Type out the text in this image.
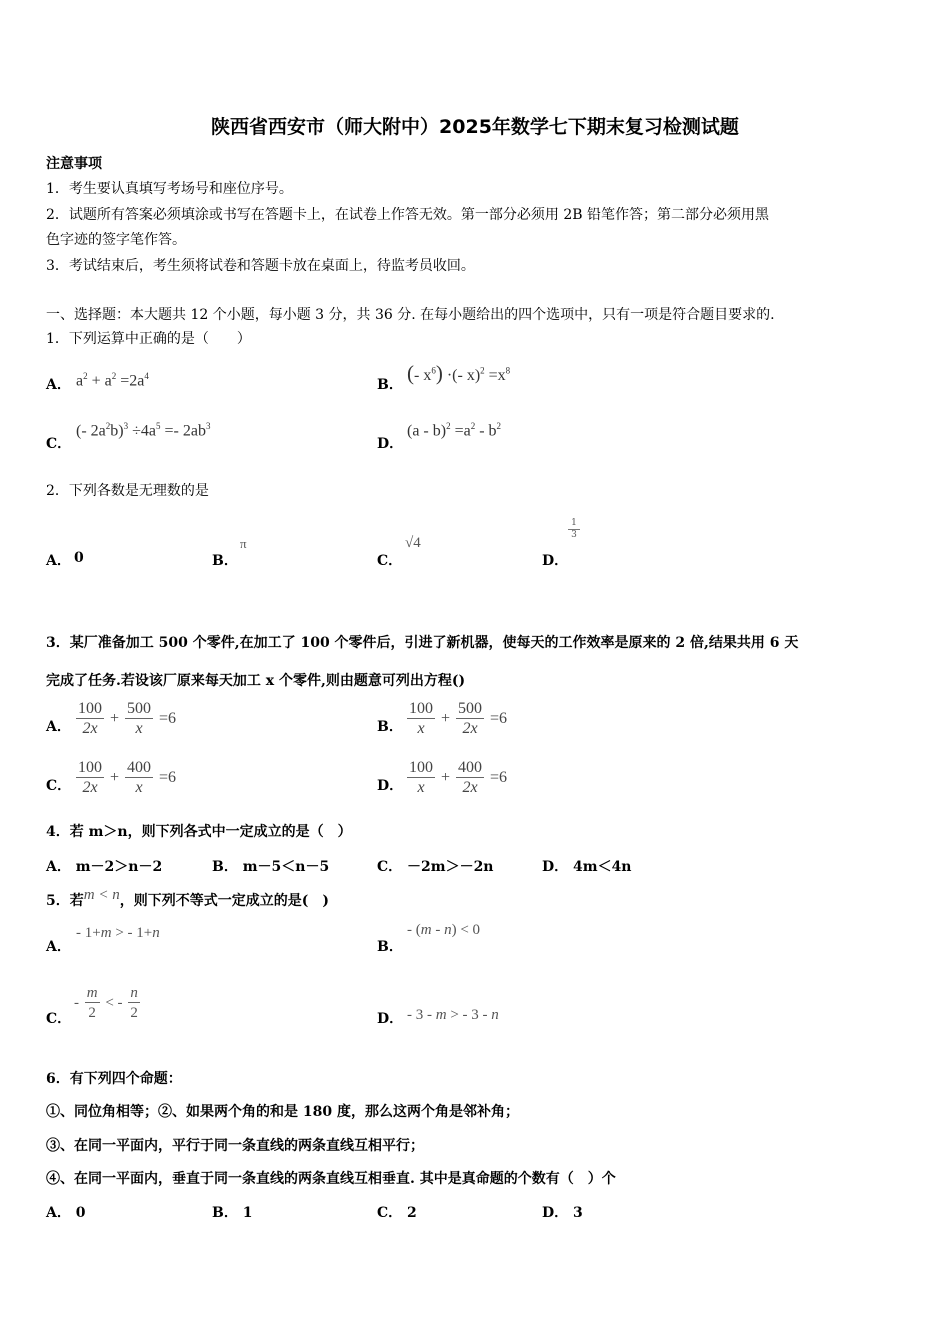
陕西省西安市（师大附中）2025年数学七下期末复习检测试题
注意事项
1．考生要认真填写考场号和座位序号。
2．试题所有答案必须填涂或书写在答题卡上，在试卷上作答无效。第一部分必须用 2B 铅笔作答；第二部分必须用黑
色字迹的签字笔作答。
3．考试结束后，考生须将试卷和答题卡放在桌面上，待监考员收回。
一、选择题：本大题共 12 个小题，每小题 3 分，共 36 分. 在每小题给出的四个选项中，只有一项是符合题目要求的.
1．下列运算中正确的是（　　）
A． $a^2 + a^2 =2a^4$
B． (- $x^6$) ·(- $x)^2 =x^8$
C．
(- $2a^2b)^3 \div 4a^5 =- 2ab^3$
D．
$(a - b)^2 =a^2 - b^2$
2．下列各数是无理数的是
A． 0	B．
π
C．
√4
D．
$\frac{1}{3}$
3．某厂准备加工 500 个零件,在加工了 100 个零件后，引进了新机器，使每天的工作效率是原来的 2 倍,结果共用 6 天
完成了任务.若设该厂原来每天加工 x 个零件,则由题意可列出方程()
A． $\frac{100}{2x} + \frac{500}{x} =6$	B． $\frac{100}{x} + \frac{500}{2x} =6$
C． $\frac{100}{2x} + \frac{400}{x} =6$	D． $\frac{100}{x} + \frac{400}{2x} =6$
4．若 m＞n，则下列各式中一定成立的是（　）
A． m－2＞n－2	B． m－5＜n－5	C． －2m＞－2n	D． 4m＜4n
5．若m < n，则下列不等式一定成立的是(　)
A．
- 1+m > - 1+n
B．
- (m - n) < 0
C．
- $\frac{m}{2}$ < - $\frac{n}{2}$	D． - 3 - m > - 3 - n
6．有下列四个命题：
①、同位角相等；②、如果两个角的和是 180 度，那么这两个角是邻补角；
③、在同一平面内，平行于同一条直线的两条直线互相平行；
④、在同一平面内，垂直于同一条直线的两条直线互相垂直. 其中是真命题的个数有（　）个
A． 0	B． 1	C． 2	D． 3
